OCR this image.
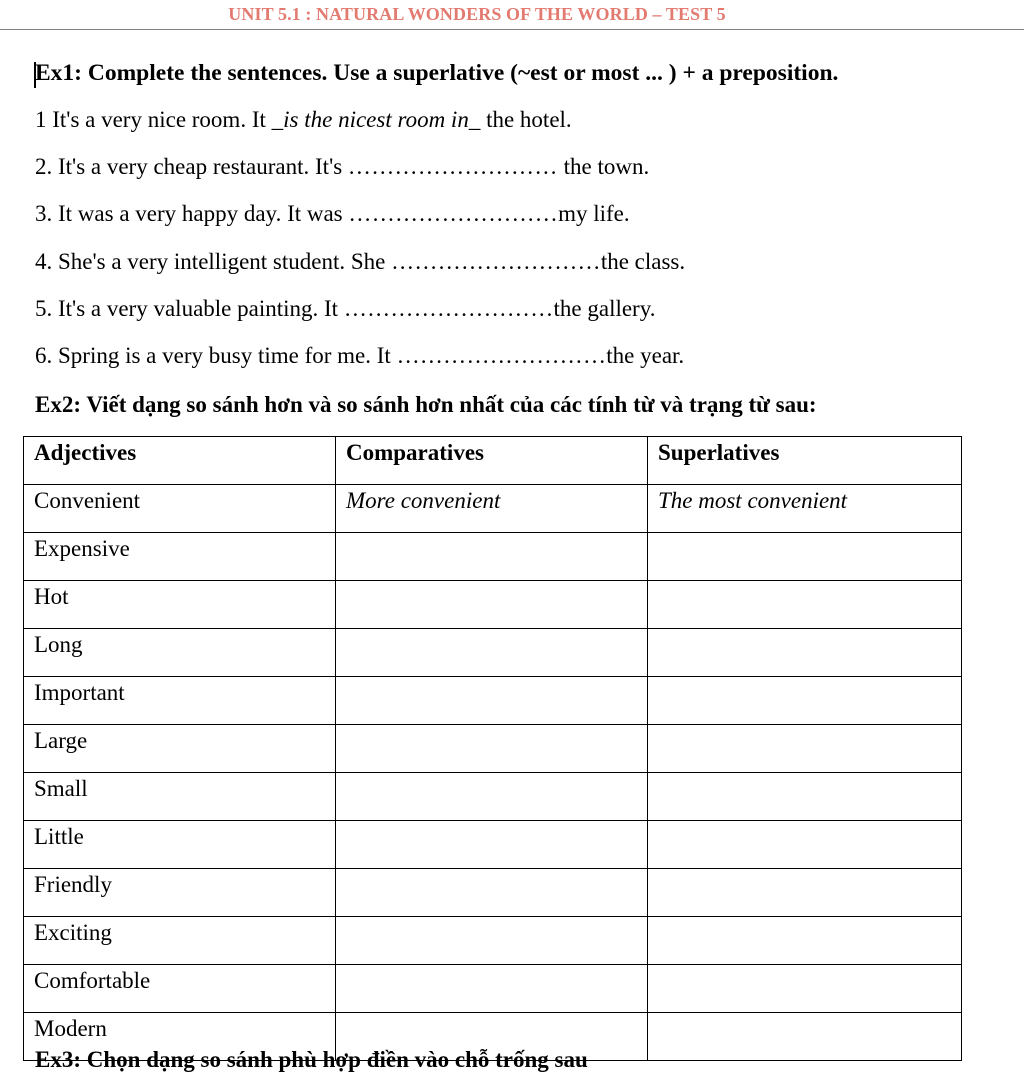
UNIT 5.1 : NATURAL WONDERS OF THE WORLD – TEST 5
Ex1: Complete the sentences. Use a superlative (~est or most ... ) + a preposition.
1 It's a very nice room. It _is the nicest room in_ the hotel.
2. It's a very cheap restaurant. It's ……………………… the town.
3. It was a very happy day. It was ………………………my life.
4. She's a very intelligent student. She ………………………the class.
5. It's a very valuable painting. It ………………………the gallery.
6. Spring is a very busy time for me. It ………………………the year.
Ex2: Viết dạng so sánh hơn và so sánh hơn nhất của các tính từ và trạng từ sau:
Adjectives	Comparatives	Superlatives
Convenient	More convenient	The most convenient
Expensive		
Hot		
Long		
Important		
Large		
Small		
Little		
Friendly		
Exciting		
Comfortable		
Modern		
Ex3: Chọn dạng so sánh phù hợp điền vào chỗ trống sau
